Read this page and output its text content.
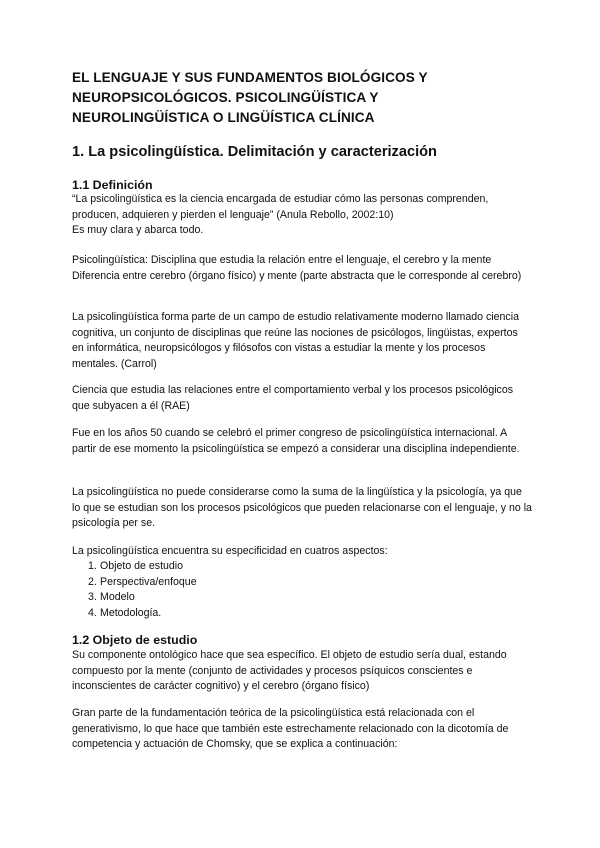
EL LENGUAJE Y SUS FUNDAMENTOS BIOLÓGICOS Y

NEUROPSICOLÓGICOS. PSICOLINGÜÍSTICA Y

NEUROLINGÜÍSTICA O LINGÜÍSTICA CLÍNICA

1. La psicolingüística. Delimitación y caracterización
1.1 Definición

“La psicolingüística es la ciencia encargada de estudiar cómo las personas comprenden, producen, adquieren y pierden el lenguaje” (Anula Rebollo, 2002:10)

Es muy clara y abarca todo.

Psicolingüística: Disciplina que estudia la relación entre el lenguaje, el cerebro y la mente

Diferencia entre cerebro (órgano físico) y mente (parte abstracta que le corresponde al cerebro)

La psicolingüística forma parte de un campo de estudio relativamente moderno llamado ciencia cognitiva, un conjunto de disciplinas que reúne las nociones de psicólogos, lingüistas, expertos en informática, neuropsicólogos y filósofos con vistas a estudiar la mente y los procesos mentales. (Carrol)

Ciencia que estudia las relaciones entre el comportamiento verbal y los procesos psicológicos que subyacen a él (RAE)

Fue en los años 50 cuando se celebró el primer congreso de psicolingüística internacional. A partir de ese momento la psicolingüística se empezó a considerar una disciplina independiente.

La psicolingüística no puede considerarse como la suma de la lingüística y la psicología, ya que lo que se estudian son los procesos psicológicos que pueden relacionarse con el lenguaje, y no la psicología per se.

La psicolingüística encuentra su especificidad en cuatros aspectos:

1. Objeto de estudio
2. Perspectiva/enfoque
3. Modelo
4. Metodología.
1.2 Objeto de estudio

Su componente ontológico hace que sea específico. El objeto de estudio sería dual, estando compuesto por la mente (conjunto de actividades y procesos psíquicos conscientes e inconscientes de carácter cognitivo) y el cerebro (órgano físico)

Gran parte de la fundamentación teórica de la psicolingüística está relacionada con el generativismo, lo que hace que también este estrechamente relacionado con la dicotomía de competencia y actuación de Chomsky, que se explica a continuación:
